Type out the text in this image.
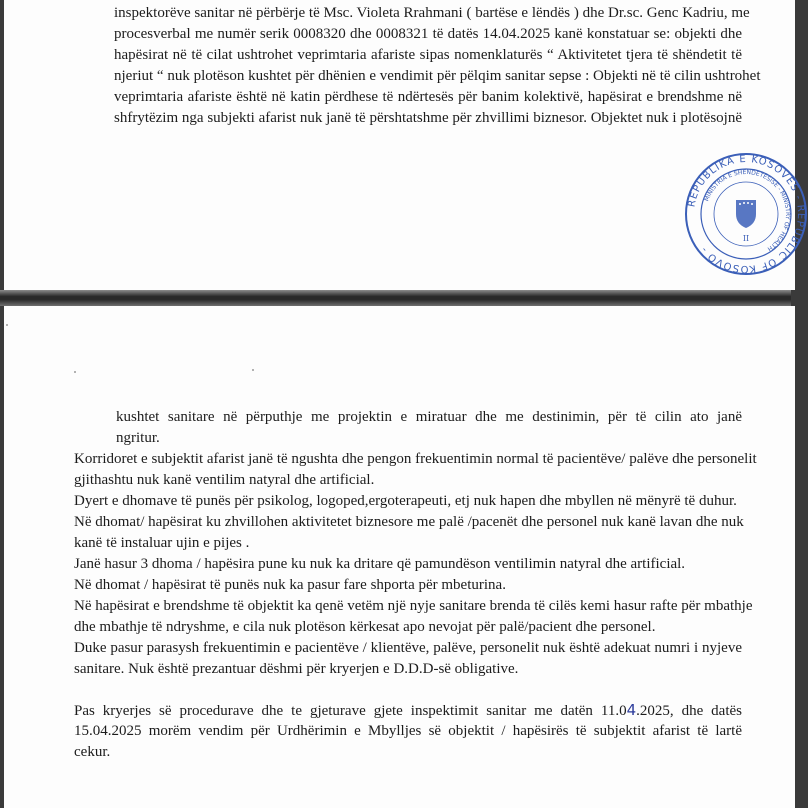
inspektorëve sanitar në përbërje të Msc. Violeta Rrahmani ( bartëse e lëndës ) dhe Dr.sc. Genc Kadriu, me
procesverbal me numër serik 0008320 dhe 0008321 të datës 14.04.2025 kanë konstatuar se: objekti dhe
hapësirat në të cilat ushtrohet veprimtaria afariste sipas nomenklaturës “ Aktivitetet tjera të shëndetit të
njeriut “ nuk plotëson kushtet për dhënien e vendimit për pëlqim sanitar sepse : Objekti në të cilin ushtrohet
veprimtaria afariste është në katin përdhese të ndërtesës për banim kolektivë, hapësirat e brendshme në
shfrytëzim nga subjekti afarist nuk janë të përshtatshme për zhvillimi biznesor. Objektet nuk i plotësojnë
REPUBLIKA E KOSOVËS - REPUBLIC OF KOSOVO -
MINISTRIA E SHËNDETËSISË - MINISTRY OF HEALTH
II
kushtet sanitare në përputhje me projektin e miratuar dhe me destinimin, për të cilin ato janë
ngritur.
Korridoret e subjektit afarist janë të ngushta dhe pengon frekuentimin normal të pacientëve/ palëve dhe personelit
gjithashtu nuk kanë ventilim natyral dhe artificial.
Dyert e dhomave të punës për psikolog, logoped,ergoterapeuti, etj nuk hapen dhe mbyllen në mënyrë të duhur.
Në dhomat/ hapësirat ku zhvillohen aktivitetet biznesore me palë /pacenët dhe personel nuk kanë lavan dhe nuk
kanë të instaluar ujin e pijes .
Janë hasur 3 dhoma / hapësira pune ku nuk ka dritare që pamundëson ventilimin natyral dhe artificial.
Në dhomat / hapësirat të punës nuk ka pasur fare shporta për mbeturina.
Në hapësirat e brendshme të objektit ka qenë vetëm një nyje sanitare brenda të cilës kemi hasur rafte për mbathje
dhe mbathje të ndryshme, e cila nuk plotëson kërkesat apo nevojat për palë/pacient dhe personel.
Duke pasur parasysh frekuentimin e pacientëve / klientëve, palëve, personelit nuk është adekuat numri i nyjeve
sanitare. Nuk është prezantuar dëshmi për kryerjen e D.D.D-së obligative.
Pas kryerjes së procedurave dhe te gjeturave gjete inspektimit sanitar me datën 11.04.2025, dhe datës
15.04.2025 morëm vendim për Urdhërimin e Mbylljes së objektit / hapësirës të subjektit afarist të lartë
cekur.
